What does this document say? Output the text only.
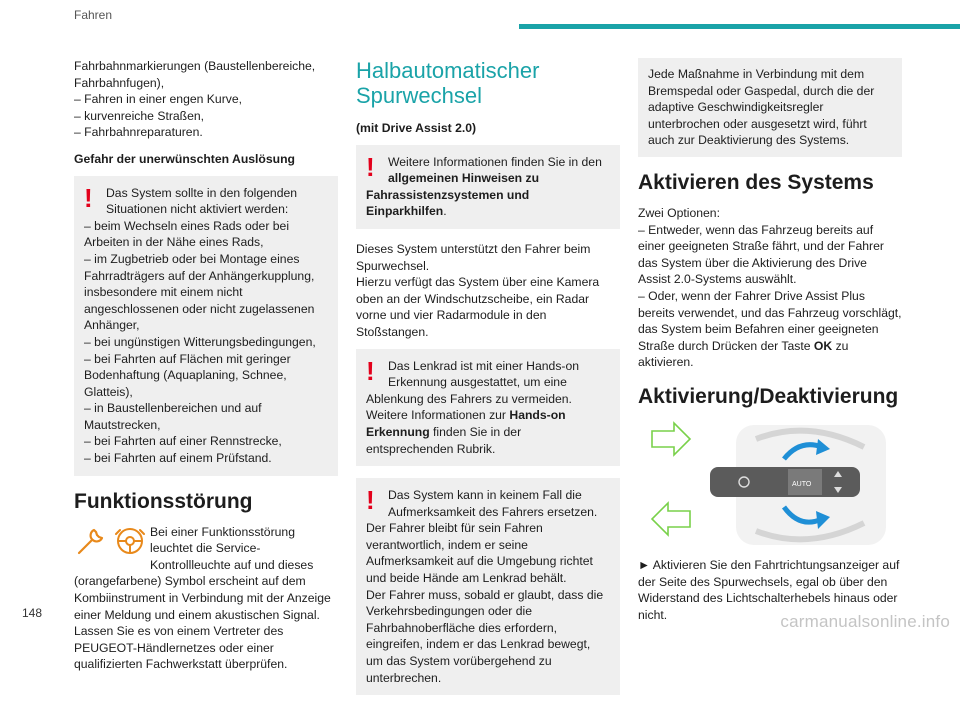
Fahren

Fahrbahnmarkierungen (Baustellenbereiche, Fahrbahnfugen),
– Fahren in einer engen Kurve,
– kurvenreiche Straßen,
– Fahrbahnreparaturen.

Gefahr der unerwünschten Auslösung
!	Das System sollte in den folgenden Situationen nicht aktiviert werden:
– beim Wechseln eines Rads oder bei Arbeiten in der Nähe eines Rads,
– im Zugbetrieb oder bei Montage eines Fahrradträgers auf der Anhängerkupplung, insbesondere mit einem nicht angeschlossenen oder nicht zugelassenen Anhänger,
– bei ungünstigen Witterungsbedingungen,
– bei Fahrten auf Flächen mit geringer Bodenhaftung (Aquaplaning, Schnee, Glatteis),
– in Baustellenbereichen und auf Mautstrecken,
– bei Fahrten auf einer Rennstrecke,
– bei Fahrten auf einem Prüfstand.
Funktionsstörung
Bei einer Funktionsstörung leuchtet die Service-Kontrollleuchte auf und dieses (orangefarbene) Symbol erscheint auf dem Kombiinstrument in Verbindung mit der Anzeige einer Meldung und einem akustischen Signal. Lassen Sie es von einem Vertreter des PEUGEOT-Händlernetzes oder einer qualifizierten Fachwerkstatt überprüfen.
Halbautomatischer Spurwechsel
(mit Drive Assist 2.0)
!	Weitere Informationen finden Sie in den allgemeinen Hinweisen zu Fahrassistenzsystemen und Einparkhilfen.

Dieses System unterstützt den Fahrer beim Spurwechsel.
Hierzu verfügt das System über eine Kamera oben an der Windschutzscheibe, ein Radar vorne und vier Radarmodule in den Stoßstangen.

!	Das Lenkrad ist mit einer Hands-on Erkennung ausgestattet, um eine Ablenkung des Fahrers zu vermeiden.
Weitere Informationen zur Hands-on Erkennung finden Sie in der entsprechenden Rubrik.
!	Das System kann in keinem Fall die Aufmerksamkeit des Fahrers ersetzen. Der Fahrer bleibt für sein Fahren verantwortlich, indem er seine Aufmerksamkeit auf die Umgebung richtet und beide Hände am Lenkrad behält.
Der Fahrer muss, sobald er glaubt, dass die Verkehrsbedingungen oder die Fahrbahnoberfläche dies erfordern, eingreifen, indem er das Lenkrad bewegt, um das System vorübergehend zu unterbrechen.
Jede Maßnahme in Verbindung mit dem Bremspedal oder Gaspedal, durch die der adaptive Geschwindigkeitsregler unterbrochen oder ausgesetzt wird, führt auch zur Deaktivierung des Systems.
Aktivieren des Systems
Zwei Optionen:
– Entweder, wenn das Fahrzeug bereits auf einer geeigneten Straße fährt, und der Fahrer das System über die Aktivierung des Drive Assist 2.0-Systems auswählt.
– Oder, wenn der Fahrer Drive Assist Plus bereits verwendet, und das Fahrzeug vorschlägt, das System beim Befahren einer geeigneten Straße durch Drücken der Taste OK zu aktivieren.
Aktivierung/Deaktivierung
AUTO
► Aktivieren Sie den Fahrtrichtungsanzeiger auf der Seite des Spurwechsels, egal ob über den Widerstand des Lichtschalterhebels hinaus oder nicht.
148	carmanualsonline.info
